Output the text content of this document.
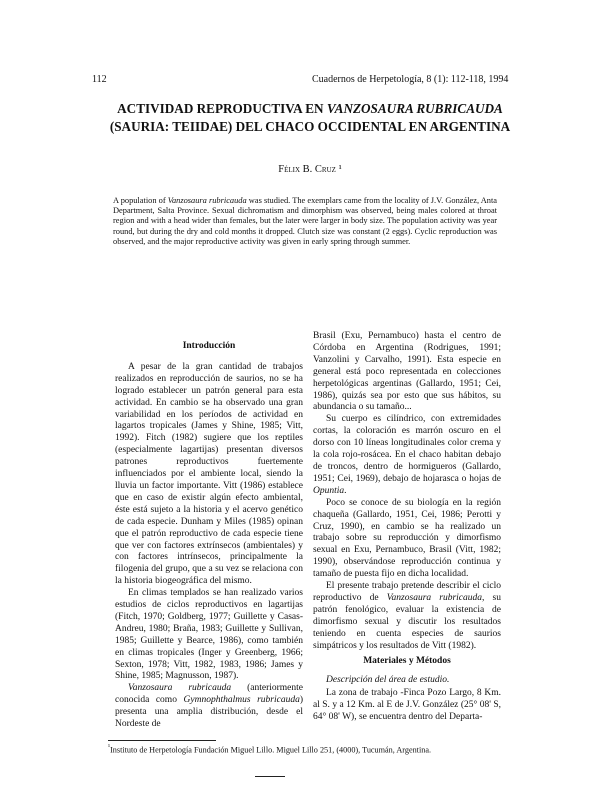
112	Cuadernos de Herpetología, 8 (1): 112-118, 1994
ACTIVIDAD REPRODUCTIVA EN VANZOSAURA RUBRICAUDA
(SAURIA: TEIIDAE) DEL CHACO OCCIDENTAL EN ARGENTINA
Félix B. Cruz ¹
A population of Vanzosaura rubricauda was studied. The exemplars came from the locality of J.V. González, Anta Department, Salta Province. Sexual dichromatism and dimorphism was observed, being males colored at throat region and with a head wider than females, but the later were larger in body size. The population activity was year round, but during the dry and cold months it dropped. Clutch size was constant (2 eggs). Cyclic reproduction was observed, and the major reproductive activity was given in early spring through summer.
Introducción

A pesar de la gran cantidad de trabajos realizados en reproducción de saurios, no se ha logrado establecer un patrón general para esta actividad. En cambio se ha observado una gran variabilidad en los períodos de actividad en lagartos tropicales (James y Shine, 1985; Vitt, 1992). Fitch (1982) sugiere que los reptiles (especialmente lagartijas) presentan diversos patrones reproductivos fuertemente influenciados por el ambiente local, siendo la lluvia un factor importante. Vitt (1986) establece que en caso de existir algún efecto ambiental, éste está sujeto a la historia y el acervo genético de cada especie. Dunham y Miles (1985) opinan que el patrón reproductivo de cada especie tiene que ver con factores extrínsecos (ambientales) y con factores intrínsecos, principalmente la filogenia del grupo, que a su vez se relaciona con la historia biogeográfica del mismo.

En climas templados se han realizado varios estudios de ciclos reproductivos en lagartijas (Fitch, 1970; Goldberg, 1977; Guillette y Casas-Andreu, 1980; Braña, 1983; Guillette y Sullivan, 1985; Guillette y Bearce, 1986), como también en climas tropicales (Inger y Greenberg, 1966; Sexton, 1978; Vitt, 1982, 1983, 1986; James y Shine, 1985; Magnusson, 1987).

Vanzosaura rubricauda (anteriormente conocida como Gymnophthalmus rubricauda) presenta una amplia distribución, desde el Nordeste de

Brasil (Exu, Pernambuco) hasta el centro de Córdoba en Argentina (Rodrigues, 1991; Vanzolini y Carvalho, 1991). Esta especie en general está poco representada en colecciones herpetológicas argentinas (Gallardo, 1951; Cei, 1986), quizás sea por esto que sus hábitos, su abundancia o su tamaño...

Su cuerpo es cilíndrico, con extremidades cortas, la coloración es marrón oscuro en el dorso con 10 líneas longitudinales color crema y la cola rojo-rosácea. En el chaco habitan debajo de troncos, dentro de hormigueros (Gallardo, 1951; Cei, 1969), debajo de hojarasca o hojas de Opuntia.

Poco se conoce de su biología en la región chaqueña (Gallardo, 1951, Cei, 1986; Perotti y Cruz, 1990), en cambio se ha realizado un trabajo sobre su reproducción y dimorfismo sexual en Exu, Pernambuco, Brasil (Vitt, 1982; 1990), observándose reproducción continua y tamaño de puesta fijo en dicha localidad.

El presente trabajo pretende describir el ciclo reproductivo de Vanzosaura rubricauda, su patrón fenológico, evaluar la existencia de dimorfismo sexual y discutir los resultados teniendo en cuenta especies de saurios simpátricos y los resultados de Vitt (1982).

Materiales y Métodos
Descripción del área de estudio.

La zona de trabajo -Finca Pozo Largo, 8 Km. al S. y a 12 Km. al E de J.V. González (25° 08' S, 64° 08' W), se encuentra dentro del Departa-

$^{^1}$Instituto de Herpetología Fundación Miguel Lillo. Miguel Lillo 251, (4000), Tucumán, Argentina.
